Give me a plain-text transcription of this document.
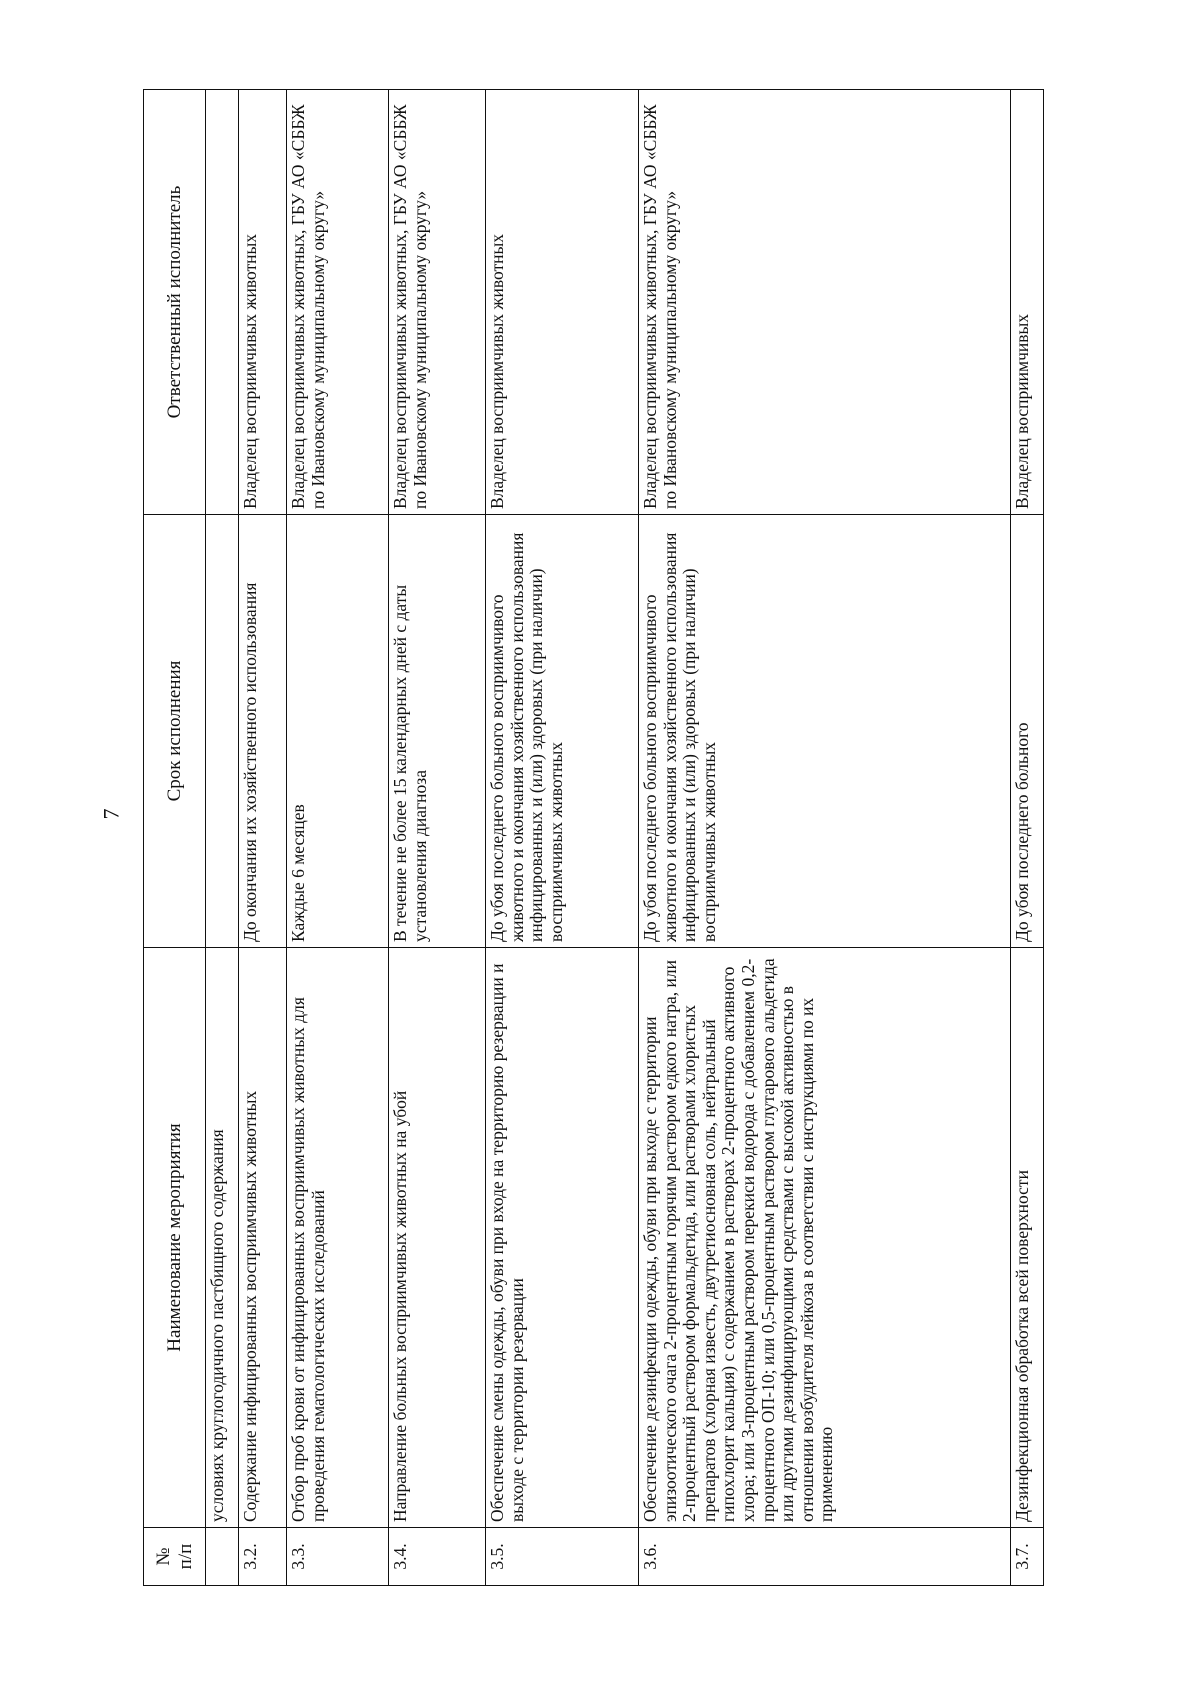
7
№
п/п	Наименование мероприятия	Срок исполнения	Ответственный исполнитель
	условиях круглогодичного пастбищного содержания		
3.2.	Содержание инфицированных восприимчивых животных	До окончания их хозяйственного использования	Владелец восприимчивых животных
3.3.	Отбор проб крови от инфицированных восприимчивых животных для проведения гематологических исследований	Каждые 6 месяцев	Владелец восприимчивых животных, ГБУ АО «СББЖ по Ивановскому муниципальному округу»
3.4.	Направление больных восприимчивых животных на убой	В течение не более 15 календарных дней с даты установления диагноза	Владелец восприимчивых животных, ГБУ АО «СББЖ по Ивановскому муниципальному округу»
3.5.	Обеспечение смены одежды, обуви при входе на территорию резервации и выходе с территории резервации	До убоя последнего больного восприимчивого животного и окончания хозяйственного использования инфицированных и (или) здоровых (при наличии) восприимчивых животных	Владелец восприимчивых животных
3.6.	Обеспечение дезинфекции одежды, обуви при выходе с территории эпизоотического очага 2-процентным горячим раствором едкого натра, или 2-процентный раствором формальдегида, или растворами хлористых препаратов (хлорная известь, двутретиосновная соль, нейтральный гипохлорит кальция) с содержанием в растворах 2-процентного активного хлора; или 3-процентным раствором перекиси водорода с добавлением 0,2-процентного ОП-10; или 0,5-процентным раствором глутарового альдегида или другими дезинфицирующими средствами с высокой активностью в отношении возбудителя лейкоза в соответствии с инструкциями по их применению	До убоя последнего больного восприимчивого животного и окончания хозяйственного использования инфицированных и (или) здоровых (при наличии) восприимчивых животных	Владелец восприимчивых животных, ГБУ АО «СББЖ по Ивановскому муниципальному округу»
3.7.	Дезинфекционная обработка всей поверхности	До убоя последнего больного	Владелец восприимчивых
